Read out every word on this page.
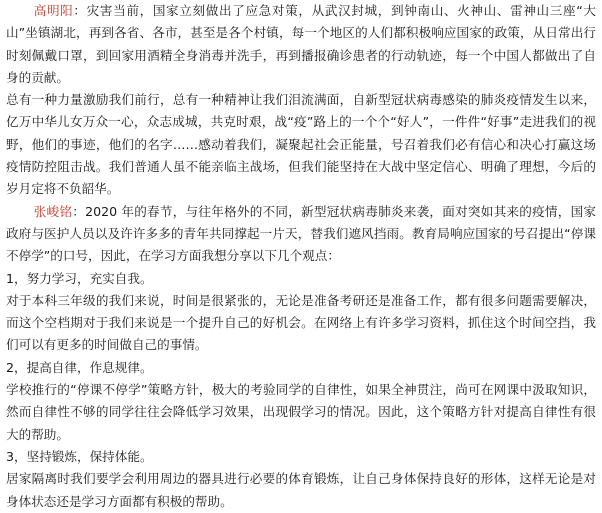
高明阳：灾害当前，国家立刻做出了应急对策，从武汉封城，到钟南山、火神山、雷神山三座“大山”坐镇湖北，再到各省、各市，甚至是各个村镇，每一个地区的人们都积极响应国家的政策，从日常出行时刻佩戴口罩，到回家用酒精全身消毒并洗手，再到播报确诊患者的行动轨迹，每一个中国人都做出了自身的贡献。

总有一种力量激励我们前行，总有一种精神让我们泪流满面，自新型冠状病毒感染的肺炎疫情发生以来，亿万中华儿女万众一心，众志成城，共克时艰，战“疫”路上的一个个“好人”，一件件“好事”走进我们的视野，他们的事迹，他们的名字……感动着我们，凝聚起社会正能量，号召着我们必有信心和决心打赢这场疫情防控阻击战。我们普通人虽不能亲临主战场，但我们能坚持在大战中坚定信心、明确了理想，今后的岁月定将不负韶华。

张峻铭：2020 年的春节，与往年格外的不同，新型冠状病毒肺炎来袭，面对突如其来的疫情，国家政府与医护人员以及许许多多的青年共同撑起一片天，替我们遮风挡雨。教育局响应国家的号召提出“停课不停学”的口号，因此，在学习方面我想分享以下几个观点：

1，努力学习，充实自我。

对于本科三年级的我们来说，时间是很紧张的，无论是准备考研还是准备工作，都有很多问题需要解决，而这个空档期对于我们来说是一个提升自己的好机会。在网络上有许多学习资料，抓住这个时间空挡，我们可以有更多的时间做自己的事情。

2，提高自律，作息规律。

学校推行的“停课不停学”策略方针，极大的考验同学的自律性，如果全神贯注，尚可在网课中汲取知识，然而自律性不够的同学往往会降低学习效果，出现假学习的情况。因此，这个策略方针对提高自律性有很大的帮助。

3，坚持锻炼，保持体能。

居家隔离时我们要学会利用周边的器具进行必要的体育锻炼，让自己身体保持良好的形体，这样无论是对身体状态还是学习方面都有积极的帮助。
